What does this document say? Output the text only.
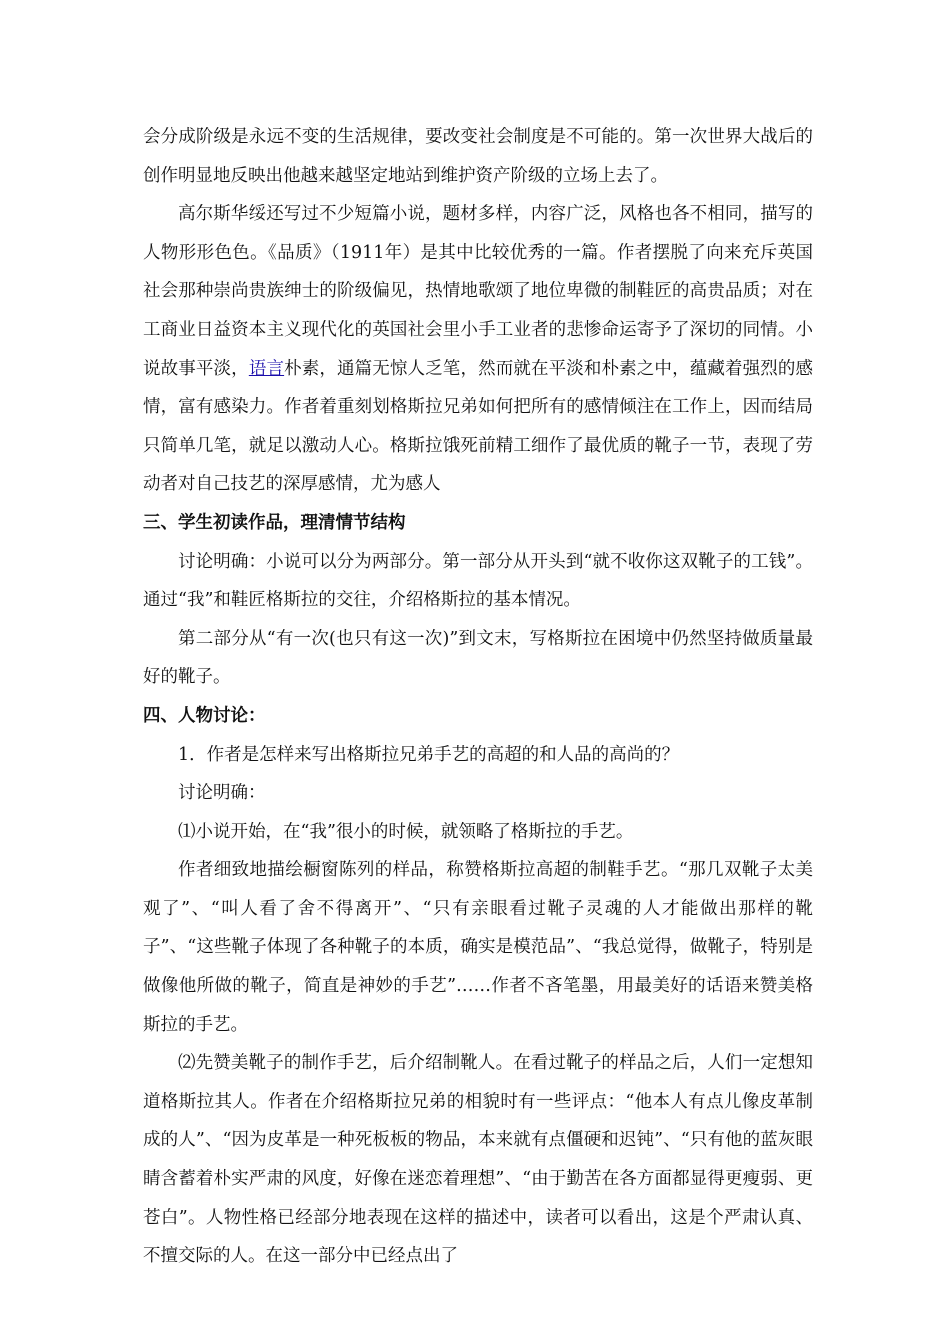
会分成阶级是永远不变的生活规律，要改变社会制度是不可能的。第一次世界大战后的创作明显地反映出他越来越坚定地站到维护资产阶级的立场上去了。

高尔斯华绥还写过不少短篇小说，题材多样，内容广泛，风格也各不相同，描写的人物形形色色。《品质》（1911年）是其中比较优秀的一篇。作者摆脱了向来充斥英国社会那种崇尚贵族绅士的阶级偏见，热情地歌颂了地位卑微的制鞋匠的高贵品质；对在工商业日益资本主义现代化的英国社会里小手工业者的悲惨命运寄予了深切的同情。小说故事平淡，语言朴素，通篇无惊人乏笔，然而就在平淡和朴素之中，蕴藏着强烈的感情，富有感染力。作者着重刻划格斯拉兄弟如何把所有的感情倾注在工作上，因而结局只简单几笔，就足以激动人心。格斯拉饿死前精工细作了最优质的靴子一节，表现了劳动者对自己技艺的深厚感情，尤为感人

三、学生初读作品，理清情节结构

讨论明确：小说可以分为两部分。第一部分从开头到“就不收你这双靴子的工钱”。通过“我”和鞋匠格斯拉的交往，介绍格斯拉的基本情况。

第二部分从“有一次(也只有这一次)”到文末，写格斯拉在困境中仍然坚持做质量最好的靴子。

四、人物讨论：

1．作者是怎样来写出格斯拉兄弟手艺的高超的和人品的高尚的？

讨论明确：

⑴小说开始，在“我”很小的时候，就领略了格斯拉的手艺。

作者细致地描绘橱窗陈列的样品，称赞格斯拉高超的制鞋手艺。“那几双靴子太美观了”、“叫人看了舍不得离开”、“只有亲眼看过靴子灵魂的人才能做出那样的靴子”、“这些靴子体现了各种靴子的本质，确实是模范品”、“我总觉得，做靴子，特别是做像他所做的靴子，简直是神妙的手艺”……作者不吝笔墨，用最美好的话语来赞美格斯拉的手艺。

⑵先赞美靴子的制作手艺，后介绍制靴人。在看过靴子的样品之后，人们一定想知道格斯拉其人。作者在介绍格斯拉兄弟的相貌时有一些评点：“他本人有点儿像皮革制成的人”、“因为皮革是一种死板板的物品，本来就有点僵硬和迟钝”、“只有他的蓝灰眼睛含蓄着朴实严肃的风度，好像在迷恋着理想”、“由于勤苦在各方面都显得更瘦弱、更苍白”。人物性格已经部分地表现在这样的描述中，读者可以看出，这是个严肃认真、不擅交际的人。在这一部分中已经点出了
